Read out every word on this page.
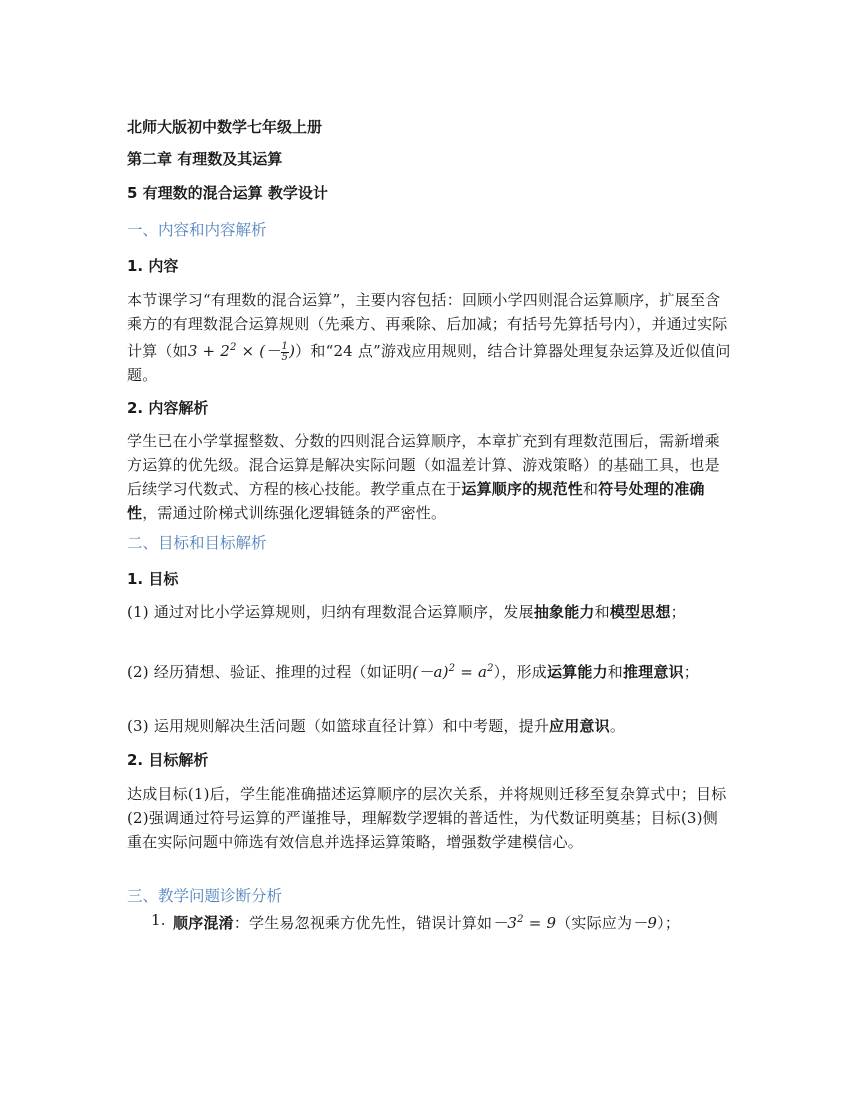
北师大版初中数学七年级上册

第二章 有理数及其运算

5 有理数的混合运算 教学设计

一、内容和内容解析

1. 内容

本节课学习“有理数的混合运算”，主要内容包括：回顾小学四则混合运算顺序，扩展至含乘方的有理数混合运算规则（先乘方、再乘除、后加减；有括号先算括号内），并通过实际计算（如$3 + 2^2$ × (－ $\frac{1}{5}$ )）和“24 点”游戏应用规则，结合计算器处理复杂运算及近似值问题。

2. 内容解析

学生已在小学掌握整数、分数的四则混合运算顺序，本章扩充到有理数范围后，需新增乘方运算的优先级。混合运算是解决实际问题（如温差计算、游戏策略）的基础工具，也是后续学习代数式、方程的核心技能。教学重点在于运算顺序的规范性和符号处理的准确性，需通过阶梯式训练强化逻辑链条的严密性。

二、目标和目标解析

1. 目标

(1) 通过对比小学运算规则，归纳有理数混合运算顺序，发展抽象能力和模型思想；

(2) 经历猜想、验证、推理的过程（如证明$(-a)^2 = a^2$），形成运算能力和推理意识；

(3) 运用规则解决生活问题（如篮球直径计算）和中考题，提升应用意识。

2. 目标解析

达成目标(1)后，学生能准确描述运算顺序的层次关系，并将规则迁移至复杂算式中；目标(2)强调通过符号运算的严谨推导，理解数学逻辑的普适性，为代数证明奠基；目标(3)侧重在实际问题中筛选有效信息并选择运算策略，增强数学建模信心。

三、教学问题诊断分析

1. 顺序混淆：学生易忽视乘方优先性，错误计算如$-3^2 = 9$（实际应为－9）；
